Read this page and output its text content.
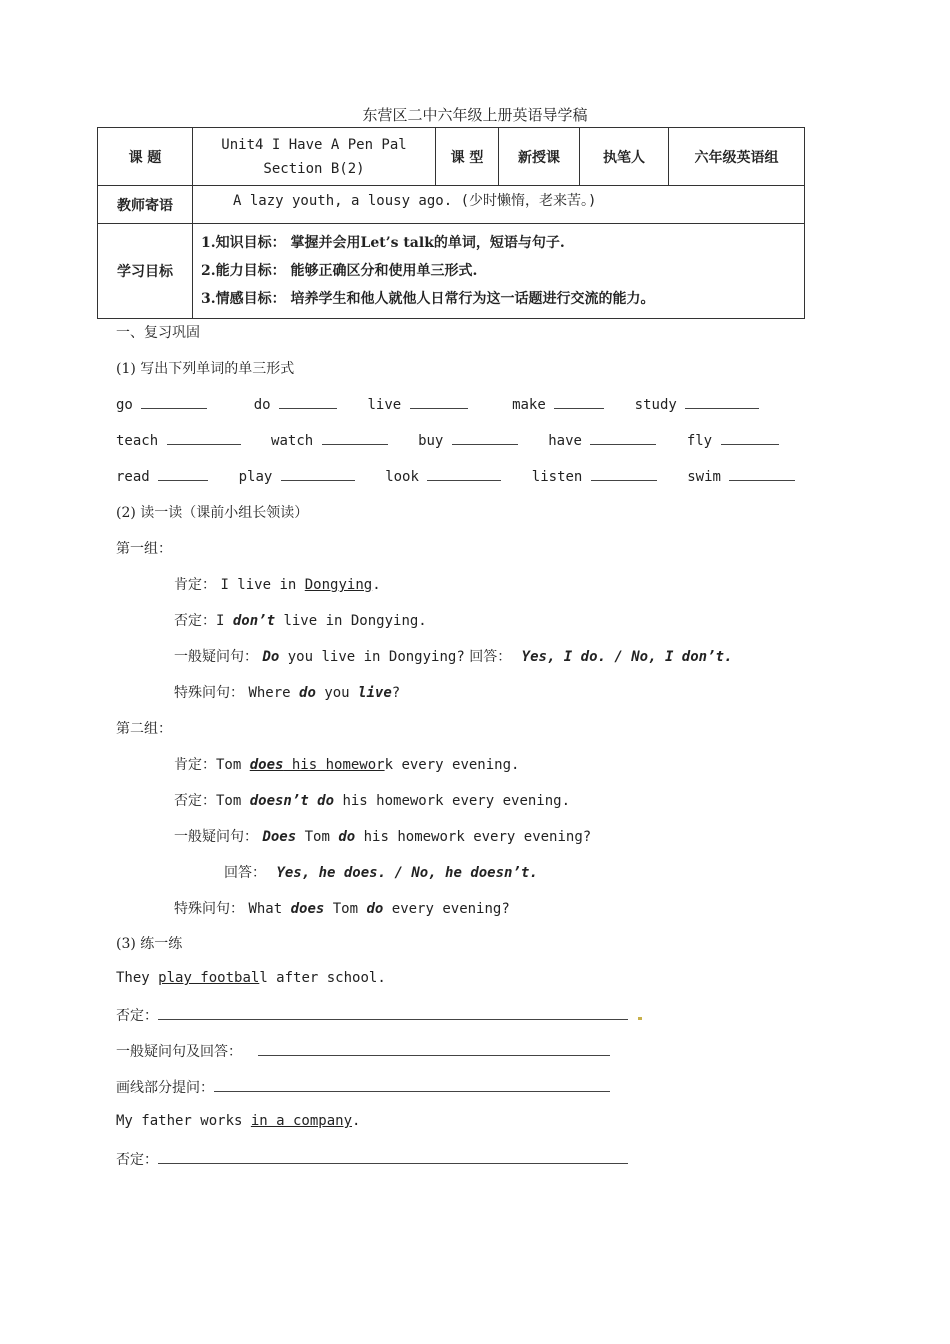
东营区二中六年级上册英语导学稿
课 题	Unit4 I Have A Pen Pal
Section B(2)	课 型	新授课	执笔人	六年级英语组
教师寄语	A lazy youth, a lousy ago. (少时懒惰，老来苦。)				
学习目标	1.知识目标： 掌握并会用Let’s talk的单词，短语与句子.
2.能力目标： 能够正确区分和使用单三形式.
3.情感目标： 培养学生和他人就他人日常行为这一话题进行交流的能力。				
一、复习巩固
(1) 写出下列单词的单三形式
go	do	live	make	study
teach	watch	buy	have	fly
read	play	look	listen	swim
(2) 读一读（课前小组长领读）
第一组：
肯定： I live in Dongying.
否定：I don’t live in Dongying.
一般疑问句： Do you live in Dongying? 回答： Yes, I do. / No, I don’t.
特殊问句： Where do you live?
第二组：
肯定：Tom does his homework every evening.
否定：Tom doesn’t do his homework every evening.
一般疑问句： Does Tom do his homework every evening?
回答： Yes, he does. / No, he doesn’t.
特殊问句： What does Tom do every evening?
(3) 练一练
They play football after school.
否定：
一般疑问句及回答：
画线部分提问：
My father works in a company.
否定：
